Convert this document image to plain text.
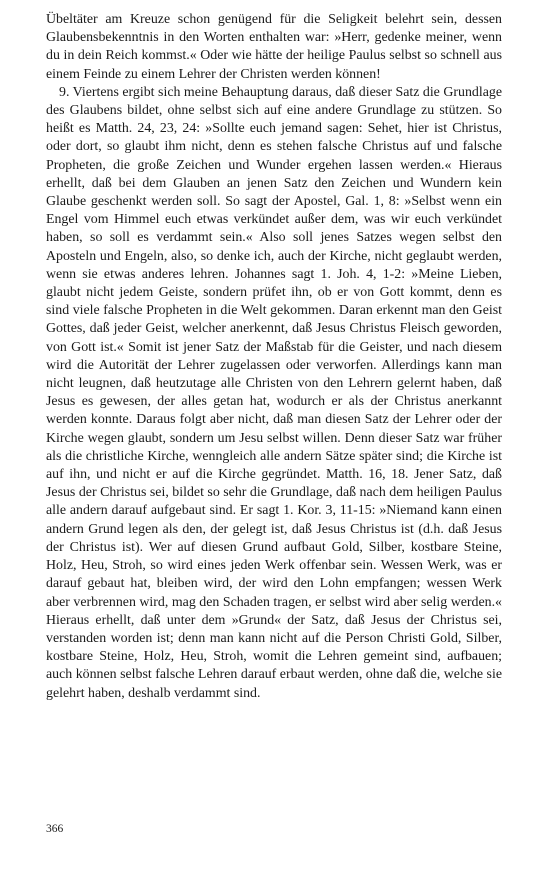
Übeltäter am Kreuze schon genügend für die Seligkeit belehrt sein, dessen Glaubensbekenntnis in den Worten enthalten war: »Herr, gedenke meiner, wenn du in dein Reich kommst.« Oder wie hätte der heilige Paulus selbst so schnell aus einem Feinde zu einem Lehrer der Christen werden können!

9. Viertens ergibt sich meine Behauptung daraus, daß dieser Satz die Grundlage des Glaubens bildet, ohne selbst sich auf eine andere Grundlage zu stützen. So heißt es Matth. 24, 23, 24: »Sollte euch jemand sagen: Sehet, hier ist Christus, oder dort, so glaubt ihm nicht, denn es stehen falsche Christus auf und falsche Propheten, die große Zeichen und Wunder ergehen lassen werden.« Hieraus erhellt, daß bei dem Glauben an jenen Satz den Zeichen und Wundern kein Glaube geschenkt werden soll. So sagt der Apostel, Gal. 1, 8: »Selbst wenn ein Engel vom Himmel euch etwas verkündet außer dem, was wir euch verkündet haben, so soll es verdammt sein.« Also soll jenes Satzes wegen selbst den Aposteln und Engeln, also, so denke ich, auch der Kirche, nicht geglaubt werden, wenn sie etwas anderes lehren. Johannes sagt 1. Joh. 4, 1-2: »Meine Lieben, glaubt nicht jedem Geiste, sondern prüfet ihn, ob er von Gott kommt, denn es sind viele falsche Propheten in die Welt gekommen. Daran erkennt man den Geist Gottes, daß jeder Geist, welcher anerkennt, daß Jesus Christus Fleisch geworden, von Gott ist.« Somit ist jener Satz der Maßstab für die Geister, und nach diesem wird die Autorität der Lehrer zugelassen oder verworfen. Allerdings kann man nicht leugnen, daß heutzutage alle Christen von den Lehrern gelernt haben, daß Jesus es gewesen, der alles getan hat, wodurch er als der Christus anerkannt werden konnte. Daraus folgt aber nicht, daß man diesen Satz der Lehrer oder der Kirche wegen glaubt, sondern um Jesu selbst willen. Denn dieser Satz war früher als die christliche Kirche, wenngleich alle andern Sätze später sind; die Kirche ist auf ihn, und nicht er auf die Kirche gegründet. Matth. 16, 18. Jener Satz, daß Jesus der Christus sei, bildet so sehr die Grundlage, daß nach dem heiligen Paulus alle andern darauf aufgebaut sind. Er sagt 1. Kor. 3, 11-15: »Niemand kann einen andern Grund legen als den, der gelegt ist, daß Jesus Christus ist (d.h. daß Jesus der Christus ist). Wer auf diesen Grund aufbaut Gold, Silber, kostbare Steine, Holz, Heu, Stroh, so wird eines jeden Werk offenbar sein. Wessen Werk, was er darauf gebaut hat, bleiben wird, der wird den Lohn empfangen; wessen Werk aber verbrennen wird, mag den Schaden tragen, er selbst wird aber selig werden.« Hieraus erhellt, daß unter dem »Grund« der Satz, daß Jesus der Christus sei, verstanden worden ist; denn man kann nicht auf die Person Christi Gold, Silber, kostbare Steine, Holz, Heu, Stroh, womit die Lehren gemeint sind, aufbauen; auch können selbst falsche Lehren darauf erbaut werden, ohne daß die, welche sie gelehrt haben, deshalb verdammt sind.

366
